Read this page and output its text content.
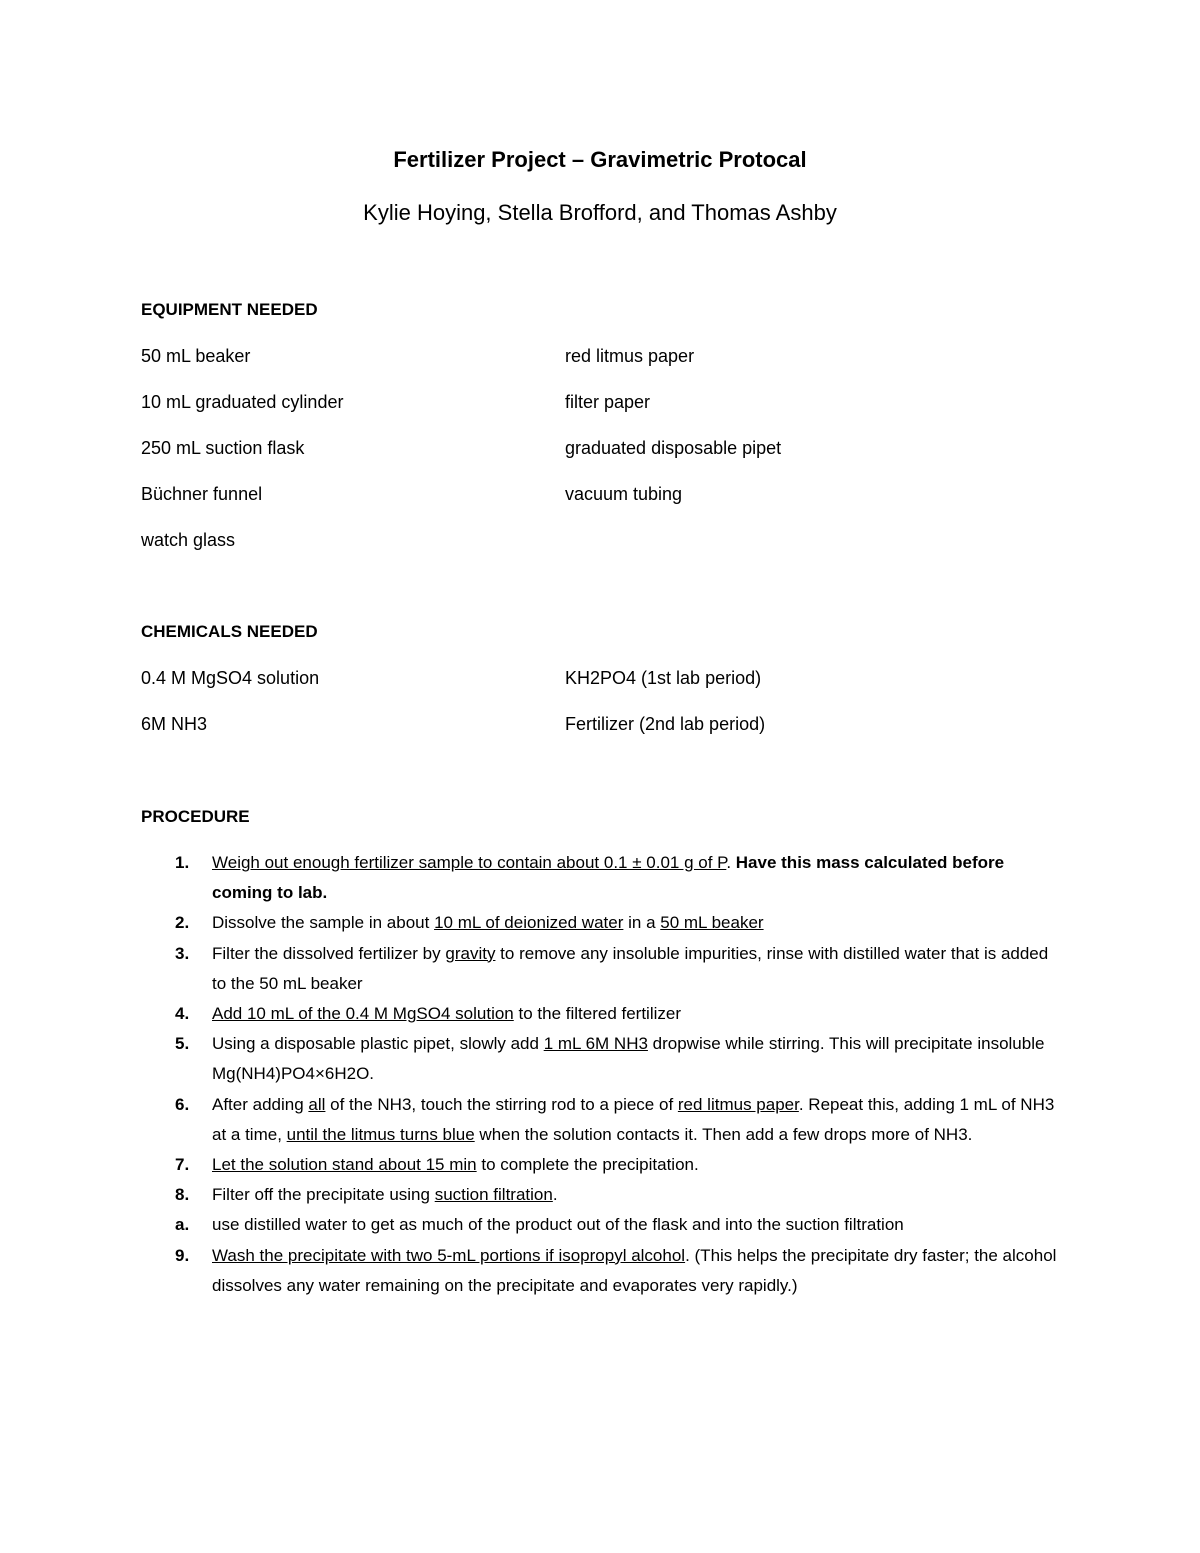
Fertilizer Project – Gravimetric Protocal
Kylie Hoying, Stella Brofford, and Thomas Ashby
EQUIPMENT NEEDED
50 mL beaker
10 mL graduated cylinder
250 mL suction flask
Büchner funnel
watch glass
red litmus paper
filter paper
graduated disposable pipet
vacuum tubing
CHEMICALS NEEDED
0.4 M MgSO4 solution
6M NH3
KH2PO4 (1st lab period)
Fertilizer (2nd lab period)
PROCEDURE
1. Weigh out enough fertilizer sample to contain about 0.1 ± 0.01 g of P. Have this mass calculated before coming to lab.
2. Dissolve the sample in about 10 mL of deionized water in a 50 mL beaker
3. Filter the dissolved fertilizer by gravity to remove any insoluble impurities, rinse with distilled water that is added to the 50 mL beaker
4. Add 10 mL of the 0.4 M MgSO4 solution to the filtered fertilizer
5. Using a disposable plastic pipet, slowly add 1 mL 6M NH3 dropwise while stirring. This will precipitate insoluble Mg(NH4)PO4×6H2O.
6. After adding all of the NH3, touch the stirring rod to a piece of red litmus paper. Repeat this, adding 1 mL of NH3 at a time, until the litmus turns blue when the solution contacts it. Then add a few drops more of NH3.
7. Let the solution stand about 15 min to complete the precipitation.
8. Filter off the precipitate using suction filtration.
a. use distilled water to get as much of the product out of the flask and into the suction filtration
9. Wash the precipitate with two 5-mL portions if isopropyl alcohol. (This helps the precipitate dry faster; the alcohol dissolves any water remaining on the precipitate and evaporates very rapidly.)
